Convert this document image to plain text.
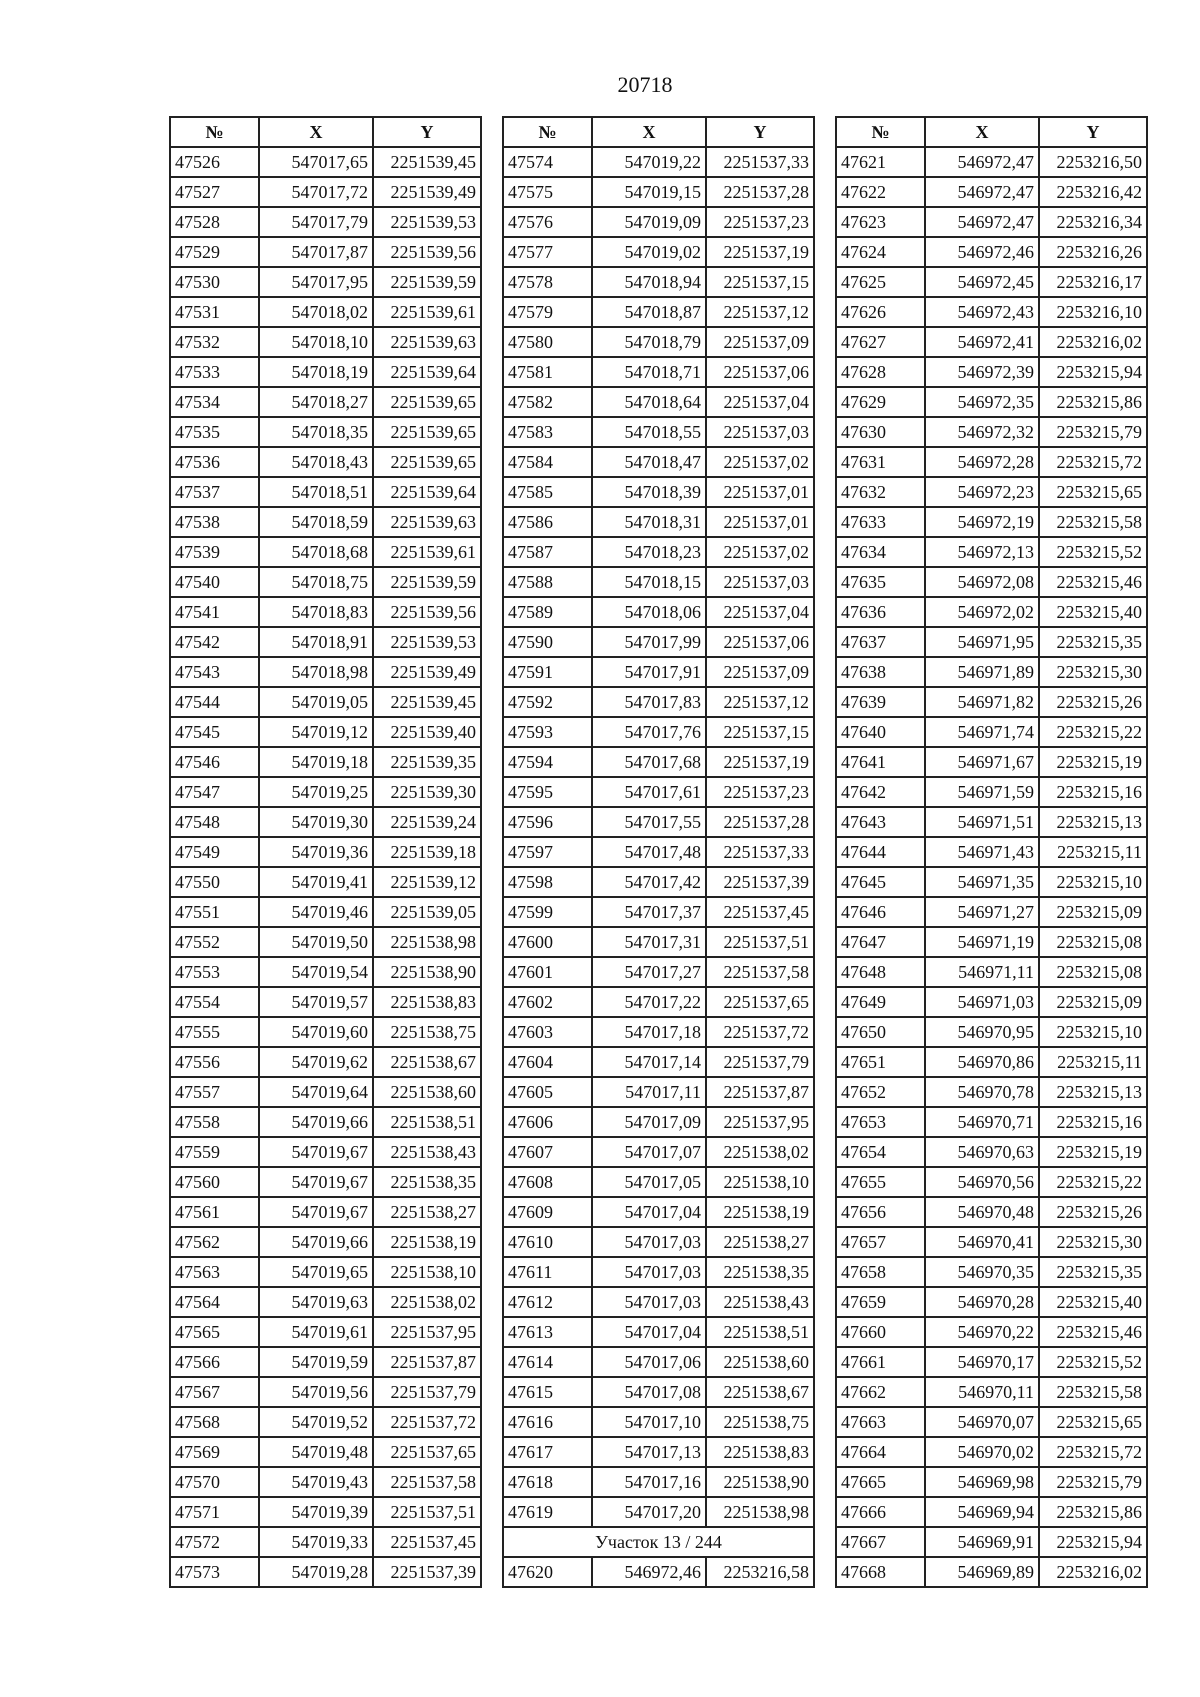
20718
№	X	Y
47526	547017,65	2251539,45
47527	547017,72	2251539,49
47528	547017,79	2251539,53
47529	547017,87	2251539,56
47530	547017,95	2251539,59
47531	547018,02	2251539,61
47532	547018,10	2251539,63
47533	547018,19	2251539,64
47534	547018,27	2251539,65
47535	547018,35	2251539,65
47536	547018,43	2251539,65
47537	547018,51	2251539,64
47538	547018,59	2251539,63
47539	547018,68	2251539,61
47540	547018,75	2251539,59
47541	547018,83	2251539,56
47542	547018,91	2251539,53
47543	547018,98	2251539,49
47544	547019,05	2251539,45
47545	547019,12	2251539,40
47546	547019,18	2251539,35
47547	547019,25	2251539,30
47548	547019,30	2251539,24
47549	547019,36	2251539,18
47550	547019,41	2251539,12
47551	547019,46	2251539,05
47552	547019,50	2251538,98
47553	547019,54	2251538,90
47554	547019,57	2251538,83
47555	547019,60	2251538,75
47556	547019,62	2251538,67
47557	547019,64	2251538,60
47558	547019,66	2251538,51
47559	547019,67	2251538,43
47560	547019,67	2251538,35
47561	547019,67	2251538,27
47562	547019,66	2251538,19
47563	547019,65	2251538,10
47564	547019,63	2251538,02
47565	547019,61	2251537,95
47566	547019,59	2251537,87
47567	547019,56	2251537,79
47568	547019,52	2251537,72
47569	547019,48	2251537,65
47570	547019,43	2251537,58
47571	547019,39	2251537,51
47572	547019,33	2251537,45
47573	547019,28	2251537,39
№	X	Y
47574	547019,22	2251537,33
47575	547019,15	2251537,28
47576	547019,09	2251537,23
47577	547019,02	2251537,19
47578	547018,94	2251537,15
47579	547018,87	2251537,12
47580	547018,79	2251537,09
47581	547018,71	2251537,06
47582	547018,64	2251537,04
47583	547018,55	2251537,03
47584	547018,47	2251537,02
47585	547018,39	2251537,01
47586	547018,31	2251537,01
47587	547018,23	2251537,02
47588	547018,15	2251537,03
47589	547018,06	2251537,04
47590	547017,99	2251537,06
47591	547017,91	2251537,09
47592	547017,83	2251537,12
47593	547017,76	2251537,15
47594	547017,68	2251537,19
47595	547017,61	2251537,23
47596	547017,55	2251537,28
47597	547017,48	2251537,33
47598	547017,42	2251537,39
47599	547017,37	2251537,45
47600	547017,31	2251537,51
47601	547017,27	2251537,58
47602	547017,22	2251537,65
47603	547017,18	2251537,72
47604	547017,14	2251537,79
47605	547017,11	2251537,87
47606	547017,09	2251537,95
47607	547017,07	2251538,02
47608	547017,05	2251538,10
47609	547017,04	2251538,19
47610	547017,03	2251538,27
47611	547017,03	2251538,35
47612	547017,03	2251538,43
47613	547017,04	2251538,51
47614	547017,06	2251538,60
47615	547017,08	2251538,67
47616	547017,10	2251538,75
47617	547017,13	2251538,83
47618	547017,16	2251538,90
47619	547017,20	2251538,98
Участок 13 / 244		
47620	546972,46	2253216,58
№	X	Y
47621	546972,47	2253216,50
47622	546972,47	2253216,42
47623	546972,47	2253216,34
47624	546972,46	2253216,26
47625	546972,45	2253216,17
47626	546972,43	2253216,10
47627	546972,41	2253216,02
47628	546972,39	2253215,94
47629	546972,35	2253215,86
47630	546972,32	2253215,79
47631	546972,28	2253215,72
47632	546972,23	2253215,65
47633	546972,19	2253215,58
47634	546972,13	2253215,52
47635	546972,08	2253215,46
47636	546972,02	2253215,40
47637	546971,95	2253215,35
47638	546971,89	2253215,30
47639	546971,82	2253215,26
47640	546971,74	2253215,22
47641	546971,67	2253215,19
47642	546971,59	2253215,16
47643	546971,51	2253215,13
47644	546971,43	2253215,11
47645	546971,35	2253215,10
47646	546971,27	2253215,09
47647	546971,19	2253215,08
47648	546971,11	2253215,08
47649	546971,03	2253215,09
47650	546970,95	2253215,10
47651	546970,86	2253215,11
47652	546970,78	2253215,13
47653	546970,71	2253215,16
47654	546970,63	2253215,19
47655	546970,56	2253215,22
47656	546970,48	2253215,26
47657	546970,41	2253215,30
47658	546970,35	2253215,35
47659	546970,28	2253215,40
47660	546970,22	2253215,46
47661	546970,17	2253215,52
47662	546970,11	2253215,58
47663	546970,07	2253215,65
47664	546970,02	2253215,72
47665	546969,98	2253215,79
47666	546969,94	2253215,86
47667	546969,91	2253215,94
47668	546969,89	2253216,02
